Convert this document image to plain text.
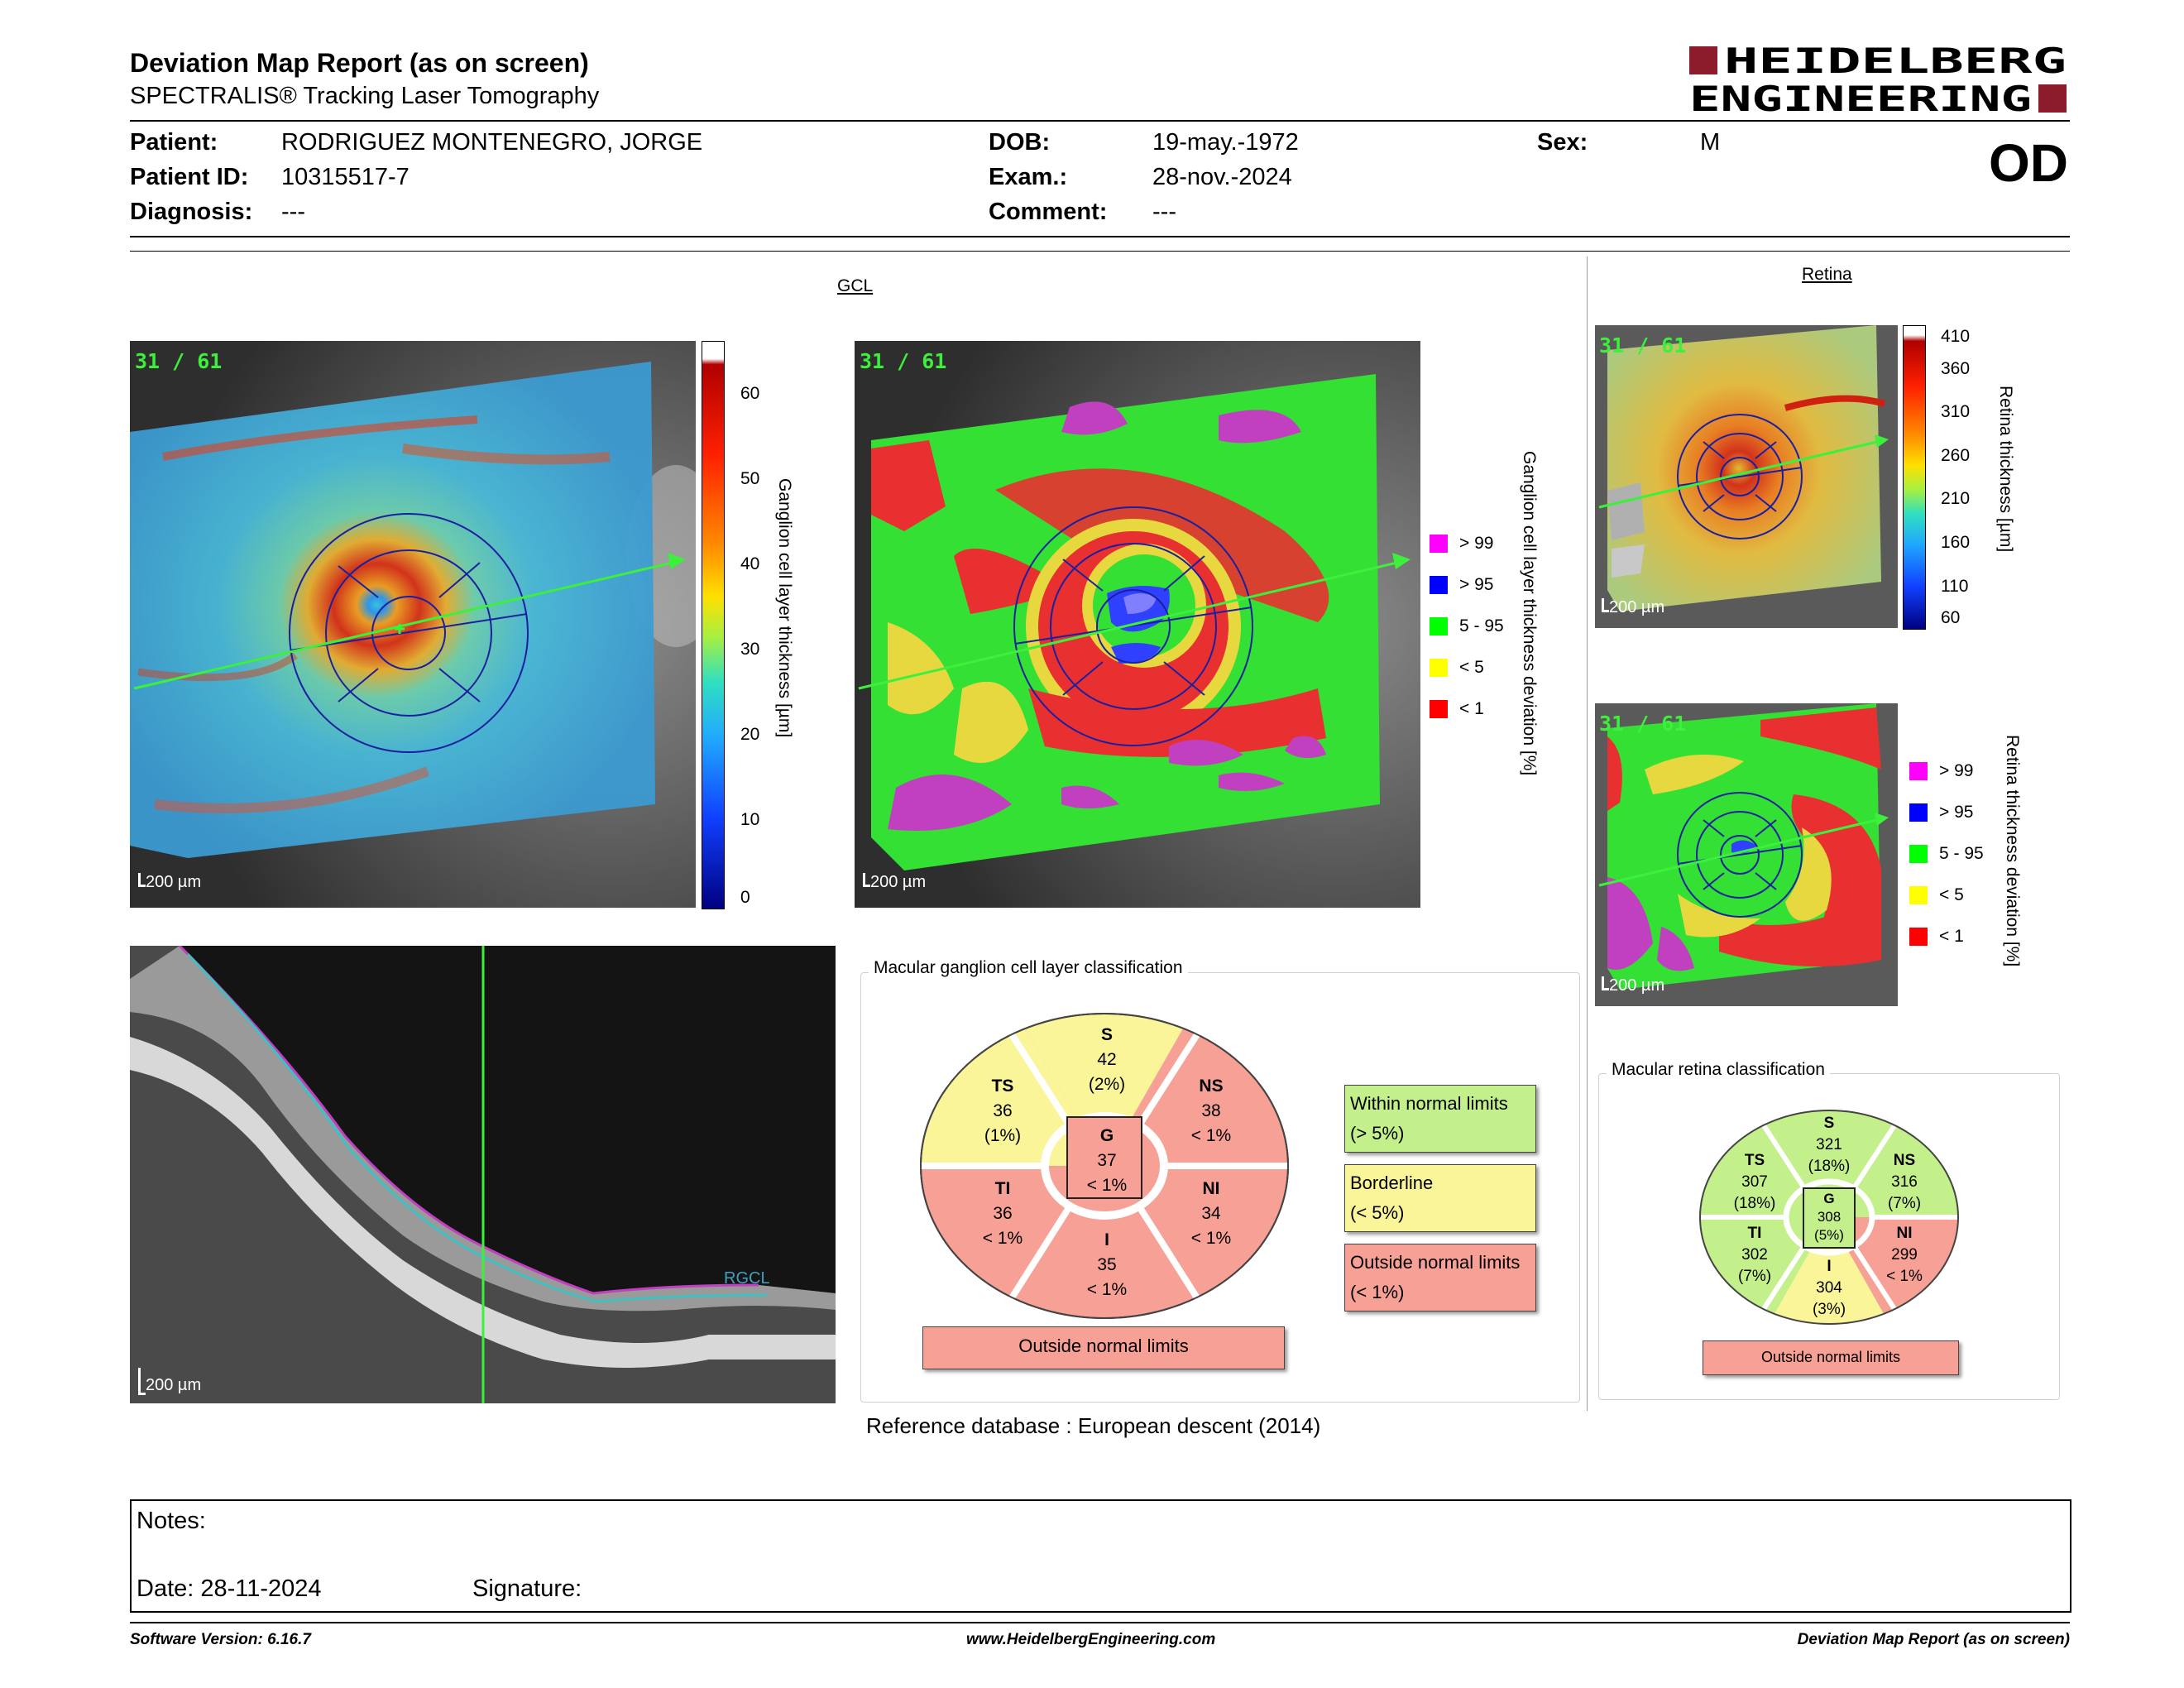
Deviation Map Report (as on screen)
SPECTRALIS® Tracking Laser Tomography
HEIDELBERG
ENGINEERING
Patient:	RODRIGUEZ MONTENEGRO, JORGE
Patient ID: 10315517-7
Diagnosis: ---
DOB:	19-may.-1972
Exam.:	28-nov.-2024
Comment: ---
Sex:	M	OD
GCL
31 / 61
200 µm
60
50
40
30
20
10
0
Ganglion cell layer thickness [µm]
31 / 61
200 µm
Ganglion cell layer thickness deviation [%]
> 99
> 95
5 - 95
< 5
< 1
RGCL
200 µm
Macular ganglion cell layer classification
S
42
(2%)
TS
36
(1%)
NS
38
< 1%
TI
36
< 1%
NI
34
< 1%
I
35
< 1%
G
37
< 1%
Outside normal limits
Within normal limits
(> 5%)
Borderline
(< 5%)
Outside normal limits
(< 1%)
Reference database : European descent (2014)
Retina
31 / 61
200 µm
410
360
310
260
210
160
110
60
Retina thickness [µm]
31 / 61
200 µm
Retina thickness deviation [%]
> 99
> 95
5 - 95
< 5
< 1
Macular retina classification
S
321
(18%)
TS
307
(18%)
NS
316
(7%)
TI
302
(7%)
NI
299
< 1%
I
304
(3%)
G
308
(5%)
Outside normal limits
Notes:
Date: 28-11-2024	Signature:
Software Version: 6.16.7	www.HeidelbergEngineering.com	Deviation Map Report (as on screen)
